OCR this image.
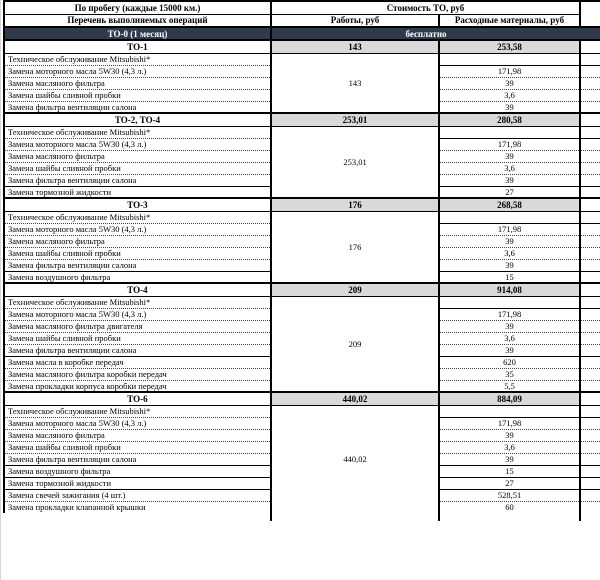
По пробегу (каждые 15000 км.)	Стоимость ТО, руб		
Перечень выполняемых операций	Работы, руб	Расходные материалы, руб	
ТО-0 (1 месяц)	бесплатно		
ТО-1	143	253,58	
Техническое обслуживание Mitsubishi*	143		
Замена моторного масла 5W30 (4,3 л.)		171,98	
Замена масляного фильтра		39	
Замена шайбы сливной пробки		3,6	
Замена фильтра вентиляции салона		39	
ТО-2, ТО-4	253,01	280,58	
Техническое обслуживание Mitsubishi*	253,01		
Замена моторного масла 5W30 (4,3 л.)		171,98	
Замена масляного фильтра		39	
Замена шайбы сливной пробки		3,6	
Замена фильтра вентиляции салона		39	
Замена тормозной жидкости		27	
ТО-3	176	268,58	
Техническое обслуживание Mitsubishi*	176		
Замена моторного масла 5W30 (4,3 л.)		171,98	
Замена масляного фильтра		39	
Замена шайбы сливной пробки		3,6	
Замена фильтра вентиляции салона		39	
Замена воздушного фильтра		15	
ТО-4	209	914,08	
Техническое обслуживание Mitsubishi*	209		
Замена моторного масла 5W30 (4,3 л.)		171,98	
Замена масляного фильтра двигателя		39	
Замена шайбы сливной пробки		3,6	
Замена фильтра вентиляции салона		39	
Замена масла в коробке передач		620	
Замена масляного фильтра коробки передач		35	
Замена прокладки корпуса коробки передач		5,5	
ТО-6	440,02	884,09	
Техническое обслуживание Mitsubishi*	440,02		
Замена моторного масла 5W30 (4,3 л.)		171,98	
Замена масляного фильтра		39	
Замена шайбы сливной пробки		3,6	
Замена фильтра вентиляции салона		39	
Замена воздушного фильтра		15	
Замена тормозной жидкости		27	
Замена свечей зажигания (4 шт.)		528,51	
Замена прокладки клапанной крышки		60	
